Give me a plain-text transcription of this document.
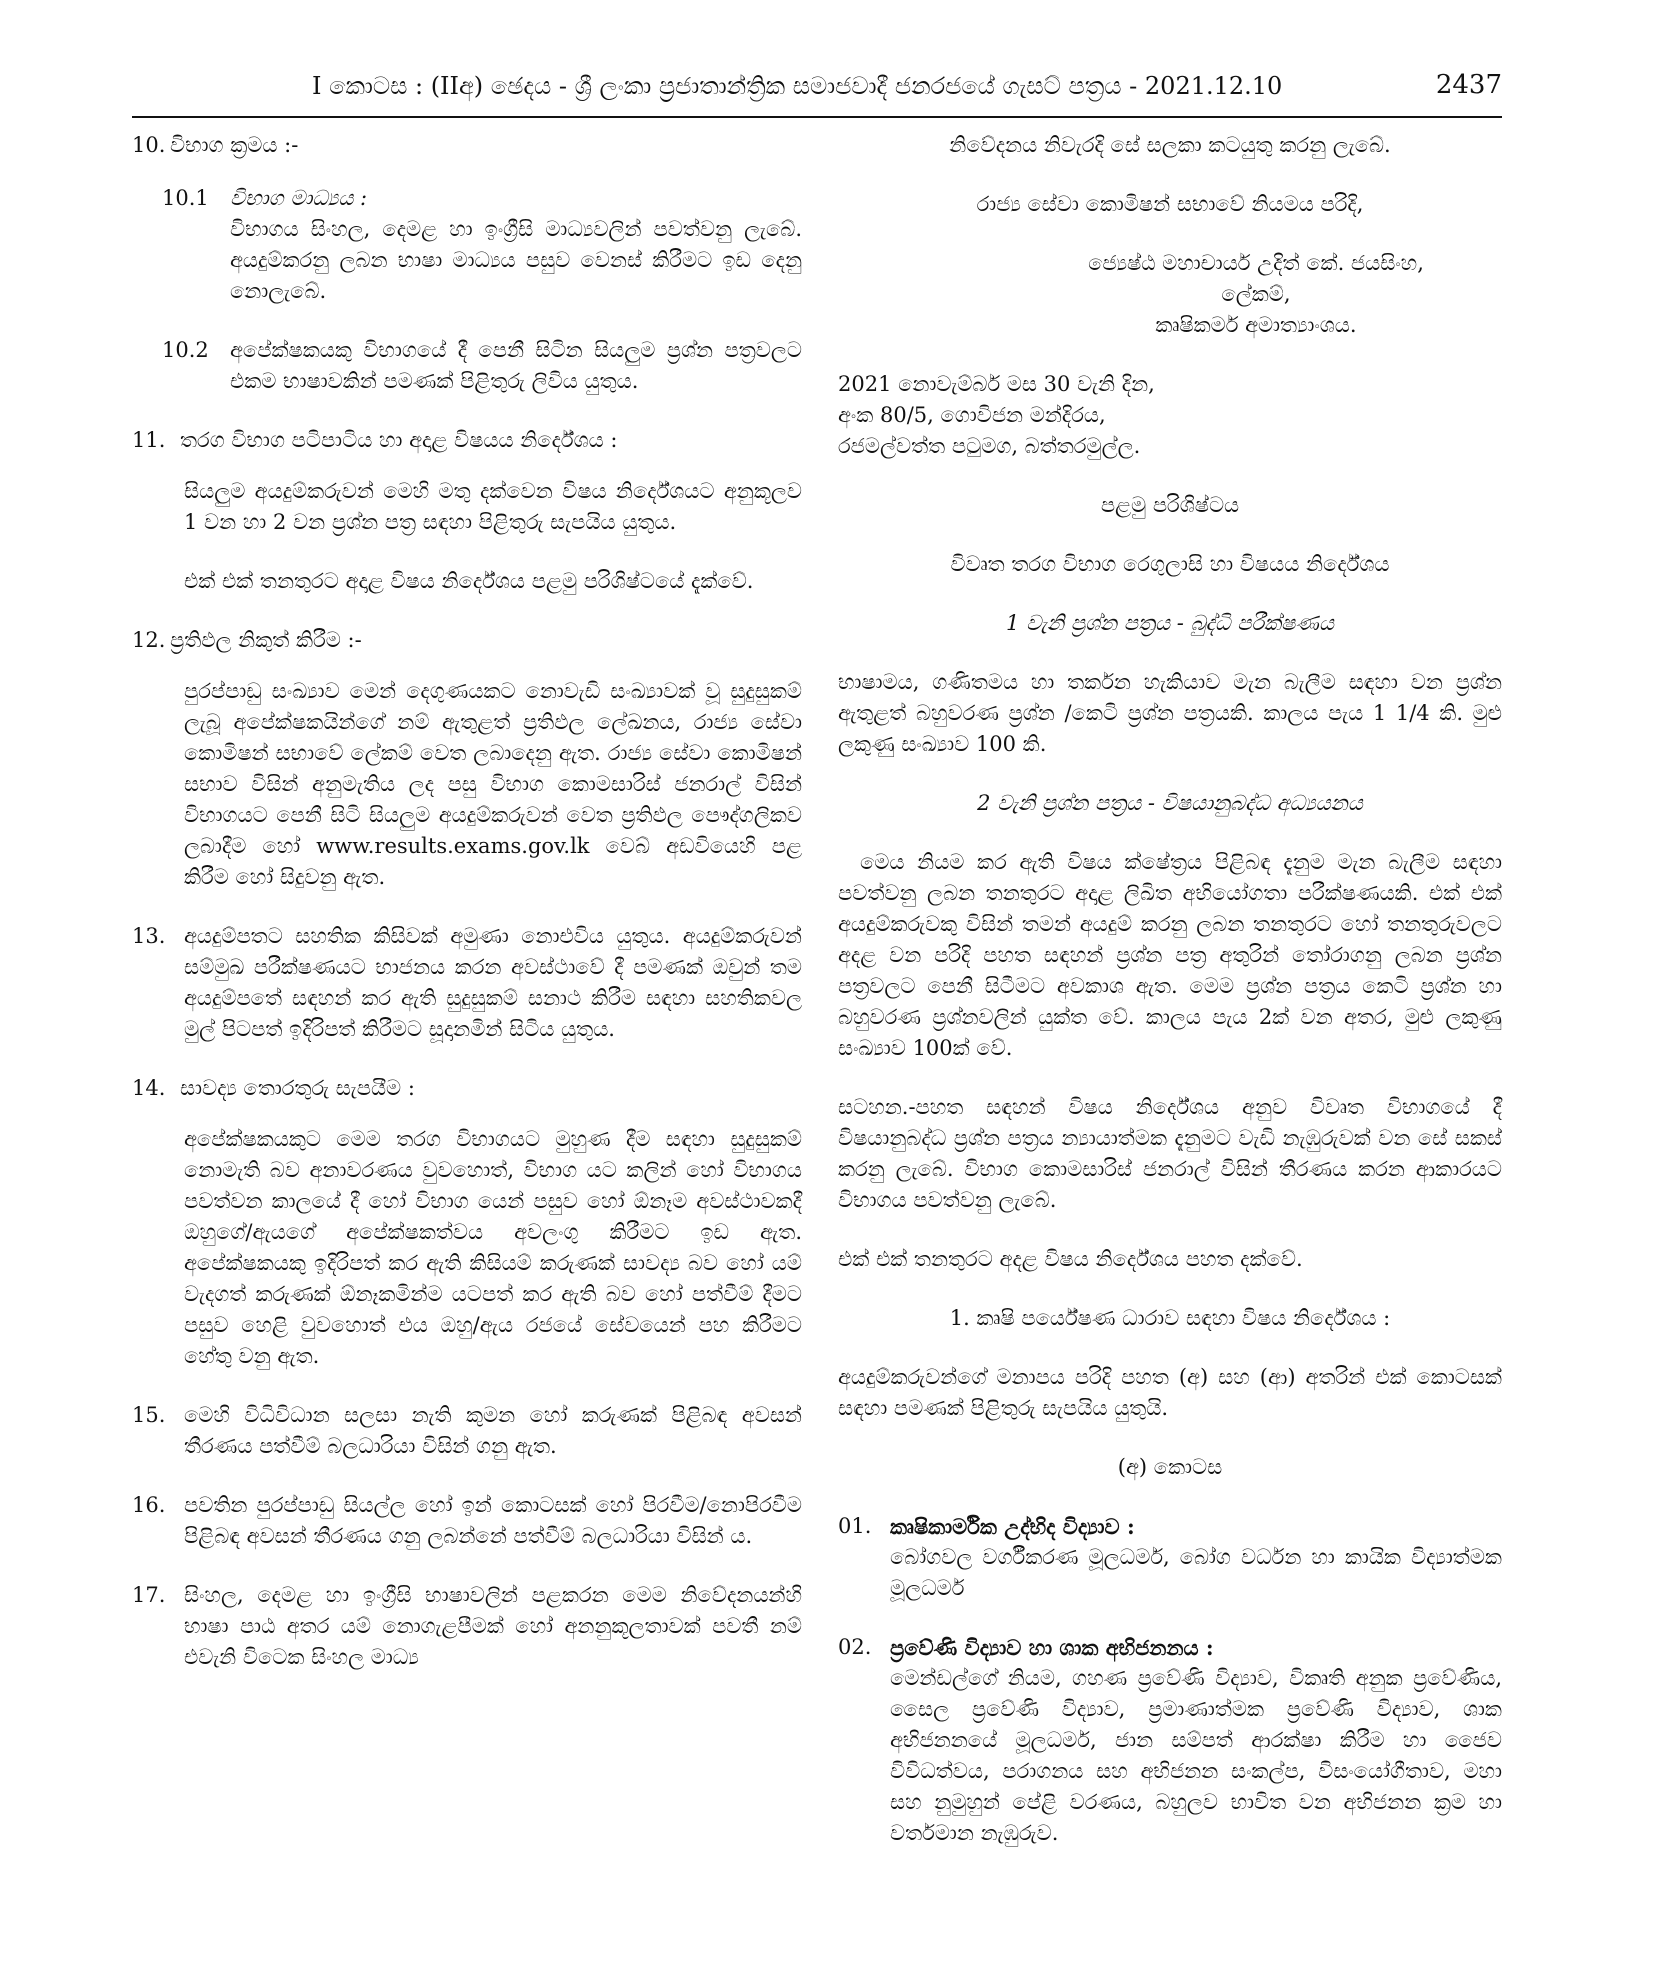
I කොටස : (IIඅ) ඡෙදය - ශ්‍රී ලංකා ප්‍රජාතාන්ත්‍රික සමාජවාදී ජනරජයේ ගැසට් පත්‍රය - 2021.12.10	2437
10. විභාග ක්‍රමය :-
10.1 විභාග මාධ්‍යය :
විභාගය සිංහල, දෙමළ හා ඉංග්‍රීසි මාධ්‍යවලින් පවත්වනු ලැබේ. අයදුම්කරනු ලබන භාෂා මාධ්‍යය පසුව වෙනස් කිරීමට ඉඩ දෙනු නොලැබේ.
10.2	අපේක්ෂකයකු විභාගයේ දී පෙනී සිටින සියලුම ප්‍රශ්න පත්‍රවලට එකම භාෂාවකින් පමණක් පිළිතුරු ලිවිය යුතුය.
11. තරග විභාග පටිපාටිය හා අදාළ විෂයය නිර්දේශය :
සියලුම අයදුම්කරුවන් මෙහි මතු දක්වෙන විෂය නිර්දේශයට අනුකූලව 1 වන හා 2 වන ප්‍රශ්න පත්‍ර සඳහා පිළිතුරු සැපයිය යුතුය.
එක් එක් තනතුරට අදාළ විෂය නිර්දේශය පළමු පරිශිෂ්ටයේ දැක්වේ.
12. ප්‍රතිඵල නිකුත් කිරීම :-
පුරප්පාඩු සංඛ්‍යාව මෙන් දෙගුණයකට නොවැඩි සංඛ්‍යාවක් වූ සුදුසුකම් ලැබූ අපේක්ෂකයින්ගේ නම් ඇතුළත් ප්‍රතිඵල ලේඛනය, රාජ්‍ය සේවා කොමිෂන් සභාවේ ලේකම් වෙත ලබාදෙනු ඇත. රාජ්‍ය සේවා කොමිෂන් සභාව විසින් අනුමැතිය ලද පසු විභාග කොමසාරිස් ජනරාල් විසින් විභාගයට පෙනී සිටි සියලුම අයදුම්කරුවන් වෙත ප්‍රතිඵල පෞද්ගලිකව ලබාදීම හෝ www.results.exams.gov.lk වෙබ් අඩවියෙහි පළ කිරීම හෝ සිදුවනු ඇත.
13. අයදුම්පතට සහතික කිසිවක් අමුණා නොඑවිය යුතුය. අයදුම්කරුවන් සම්මුඛ පරීක්ෂණයට භාජනය කරන අවස්ථාවේ දී පමණක් ඔවුන් තම අයදුම්පතේ සඳහන් කර ඇති සුදුසුකම් සනාථ කිරීම සඳහා සහතිකවල මුල් පිටපත් ඉදිරිපත් කිරීමට සූදානමින් සිටිය යුතුය.
14. සාවද්‍ය තොරතුරු සැපයීම :
අපේක්ෂකයකුට මෙම තරග විභාගයට මුහුණ දීම සඳහා සුදුසුකම් නොමැති බව අනාවරණය වුවහොත්, විභාග යට කලින් හෝ විභාගය පවත්වන කාලයේ දී හෝ විභාග යෙන් පසුව හෝ ඕනෑම අවස්ථාවකදී ඔහුගේ/ඇයගේ අපේක්ෂකත්වය අවලංගු කිරීමට ඉඩ ඇත. අපේක්ෂකයකු ඉදිරිපත් කර ඇති කිසියම් කරුණක් සාවද්‍ය බව හෝ යම් වැදගත් කරුණක් ඕනෑකමින්ම යටපත් කර ඇති බව හෝ පත්වීම් දීමට පසුව හෙළි වුවහොත් එය ඔහු/ඇය රජයේ සේවයෙන් පහ කිරීමට හේතු වනු ඇත.
15. මෙහි විධිවිධාන සලසා නැති කුමන හෝ කරුණක් පිළිබඳ අවසන් තීරණය පත්වීම් බලධාරියා විසින් ගනු ඇත.
16. පවතින පුරප්පාඩු සියල්ල හෝ ඉන් කොටසක් හෝ පිරවීම/නොපිරවීම පිළිබඳ අවසන් තීරණය ගනු ලබන්නේ පත්වීම් බලධාරියා විසින් ය.
17. සිංහල, දෙමළ හා ඉංග්‍රීසි භාෂාවලින් පළකරන මෙම නිවේදනයන්හි භාෂා පාඨ අතර යම් නොගැළපීමක් හෝ අනනුකූලතාවක් පවතී නම් එවැනි විටෙක සිංහල මාධ්‍ය
නිවේදනය නිවැරදි සේ සලකා කටයුතු කරනු ලැබේ.
රාජ්‍ය සේවා කොමිෂන් සභාවේ නියමය පරිදි,
ජ්‍යෙෂ්ඨ මහාචාර්ය උදිත් කේ. ජයසිංහ,
ලේකම්,
කෘෂිකර්ම අමාත්‍යාංශය.
2021 නොවැම්බර් මස 30 වැනි දින,
අංක 80/5, ගොවිජන මන්දිරය,
රජමල්වත්ත පටුමග, බත්තරමුල්ල.
පළමු පරිශිෂ්ටය
විවෘත තරග විභාග රෙගුලාසි හා විෂයය නිර්දේශය
1 වැනි ප්‍රශ්න පත්‍රය - බුද්ධි පරීක්ෂණය
භාෂාමය, ගණිතමය හා තර්කන හැකියාව මැන බැලීම සඳහා වන ප්‍රශ්න ඇතුළත් බහුවරණ ප්‍රශ්න /කෙටි ප්‍රශ්න පත්‍රයකි. කාලය පැය 1 1/4 කි. මුළු ලකුණු සංඛ්‍යාව 100 කි.
2 වැනි ප්‍රශ්න පත්‍රය - විෂයානුබද්ධ අධ්‍යයනය
මෙය නියම කර ඇති විෂය ක්ෂේත්‍රය පිළිබඳ දැනුම මැන බැලීම සඳහා පවත්වනු ලබන තනතුරට අදාළ ලිඛිත අභියෝගතා පරීක්ෂණයකි. එක් එක් අයදුම්කරුවකු විසින් තමන් අයදුම් කරනු ලබන තනතුරට හෝ තනතුරුවලට අදළ වන පරිදි පහත සඳහන් ප්‍රශ්න පත්‍ර අතුරින් තෝරාගනු ලබන ප්‍රශ්න පත්‍රවලට පෙනී සිටීමට අවකාශ ඇත. මෙම ප්‍රශ්න පත්‍රය කෙටි ප්‍රශ්න හා බහුවරණ ප්‍රශ්නවලින් යුක්ත වේ. කාලය පැය 2ක් වන අතර, මුළු ලකුණු සංඛ්‍යාව 100ක් වේ.
සටහන.-පහත සඳහන් විෂය නිර්දේශය අනුව විවෘත විභාගයේ දී විෂයානුබද්ධ ප්‍රශ්න පත්‍රය න්‍යායාත්මක දැනුමට වැඩි නැඹුරුවක් වන සේ සකස් කරනු ලැබේ. විභාග කොමසාරිස් ජනරාල් විසින් තීරණය කරන ආකාරයට විභාගය පවත්වනු ලැබේ.
එක් එක් තනතුරට අදළ විෂය නිර්දේශය පහත දක්වේ.
1. කෘෂි පර්යේෂණ ධාරාව සඳහා විෂය නිර්දේශය :
අයදුම්කරුවන්ගේ මනාපය පරිදි පහත (අ) සහ (ආ) අතරින් එක් කොටසක් සඳහා පමණක් පිළිතුරු සැපයිය යුතුයි.
(අ) කොටස
01. කෘෂිකාර්මික උද්භිද විද්‍යාව :
බෝගවල වර්ගීකරණ මූලධර්ම, බෝග වර්ධන හා කායික විද්‍යාත්මක මූලධර්ම
02. ප්‍රවේණි විද්‍යාව හා ශාක අභිජනනය :
මෙන්ඩල්ගේ නියම, ගහණ ප්‍රවේණි විද්‍යාව, විකෘති අනුක ප්‍රවේණිය, සෛල ප්‍රවේණි විද්‍යාව, ප්‍රමාණාත්මක ප්‍රවේණි විද්‍යාව, ශාක අභිජනනයේ මූලධර්ම, ජාන සම්පත් ආරක්ෂා කිරීම හා ජෛව විවිධත්වය, පරාගනය සහ අභිජනන සංකල්ප, විසංයෝගීතාව, මහා සහ නුමුහුන් පේළි වරණය, බහුලව භාවිත වන අභිජනන ක්‍රම හා වර්තමාන නැඹුරුව.
